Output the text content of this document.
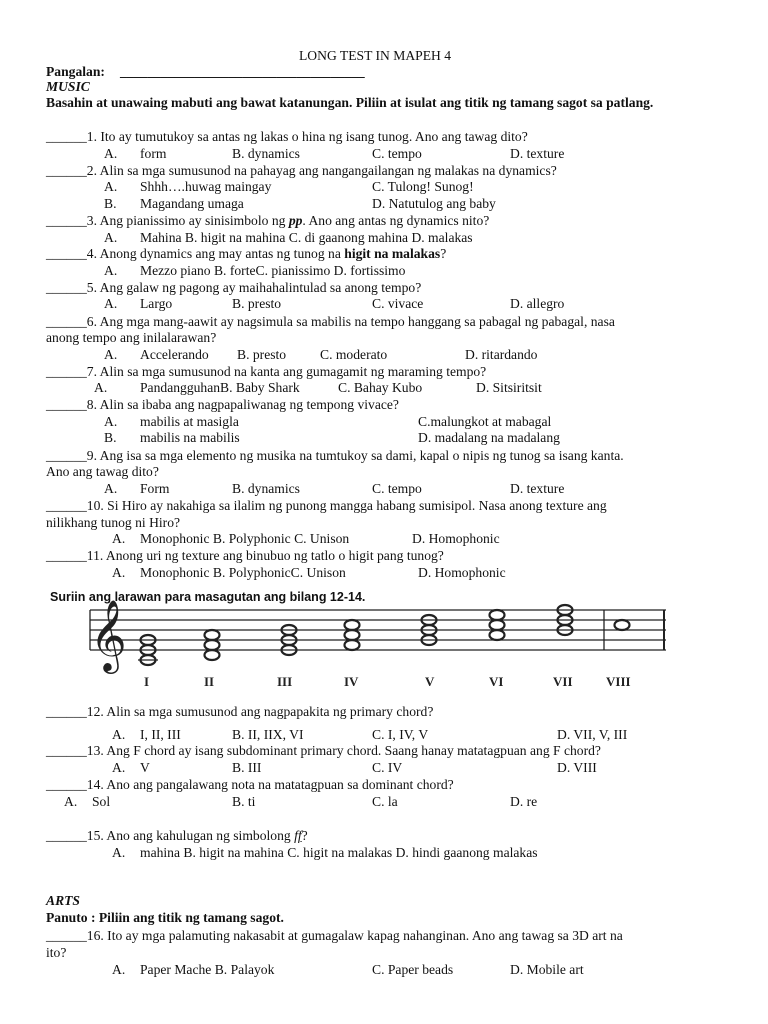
LONG TEST IN MAPEH 4
Pangalan: ____________________________________
MUSIC
Basahin at unawaing mabuti ang bawat katanungan. Piliin at isulat ang titik ng tamang sagot sa patlang.
______1. Ito ay tumutukoy sa antas ng lakas o hina ng isang tunog. Ano ang tawag dito?
A. form	B. dynamics	C. tempo	D. texture
______2. Alin sa mga sumusunod na pahayag ang nangangailangan ng malakas na dynamics?
A. Shhh….huwag maingay	C. Tulong! Sunog!
B. Magandang umaga	D. Natutulog ang baby
______3. Ang pianissimo ay sinisimbolo ng pp. Ano ang antas ng dynamics nito?
A. Mahina B. higit na mahina C. di gaanong mahina D. malakas
______4. Anong dynamics ang may antas ng tunog na higit na malakas?
A. Mezzo piano B. forteC. pianissimo D. fortissimo
______5. Ang galaw ng pagong ay maihahalintulad sa anong tempo?
A. Largo	B. presto	C. vivace	D. allegro
______6. Ang mga mang-aawit ay nagsimula sa mabilis na tempo hanggang sa pabagal ng pabagal, nasa
anong tempo ang inilalarawan?
A. Accelerando B. presto C. moderato	D. ritardando
______7. Alin sa mga sumusunod na kanta ang gumagamit ng maraming tempo?
A. PandangguhanB. Baby Shark	C. Bahay Kubo	D. Sitsiritsit
______8. Alin sa ibaba ang nagpapaliwanag ng tempong vivace?
A. mabilis at masigla	C.malungkot at mabagal
B. mabilis na mabilis	D. madalang na madalang
______9. Ang isa sa mga elemento ng musika na tumtukoy sa dami, kapal o nipis ng tunog sa isang kanta.
Ano ang tawag dito?
A. Form	B. dynamics	C. tempo	D. texture
______10. Si Hiro ay nakahiga sa ilalim ng punong mangga habang sumisipol. Nasa anong texture ang
nilikhang tunog ni Hiro?
A. Monophonic B. Polyphonic C. Unison	D. Homophonic
______11. Anong uri ng texture ang binubuo ng tatlo o higit pang tunog?
A. Monophonic B. PolyphonicC. Unison	D. Homophonic
Suriin ang larawan para masagutan ang bilang 12-14.
𝄞
I	II	III	IV	V	VI	VII	VIII
______12. Alin sa mga sumusunod ang nagpapakita ng primary chord?
A. I, II, III	B. II, IIX, VI	C. I, IV, V	D. VII, V, III
______13. Ang F chord ay isang subdominant primary chord. Saang hanay matatagpuan ang F chord?
A. V	B. III	C. IV	D. VIII
______14. Ano ang pangalawang nota na matatagpuan sa dominant chord?
A. Sol	B. ti	C. la	D. re
______15. Ano ang kahulugan ng simbolong ff?
A. mahina B. higit na mahina C. higit na malakas D. hindi gaanong malakas
ARTS
Panuto : Piliin ang titik ng tamang sagot.
______16. Ito ay mga palamuting nakasabit at gumagalaw kapag nahanginan. Ano ang tawag sa 3D art na
ito?
A. Paper Mache B. Palayok	C. Paper beads	D. Mobile art
